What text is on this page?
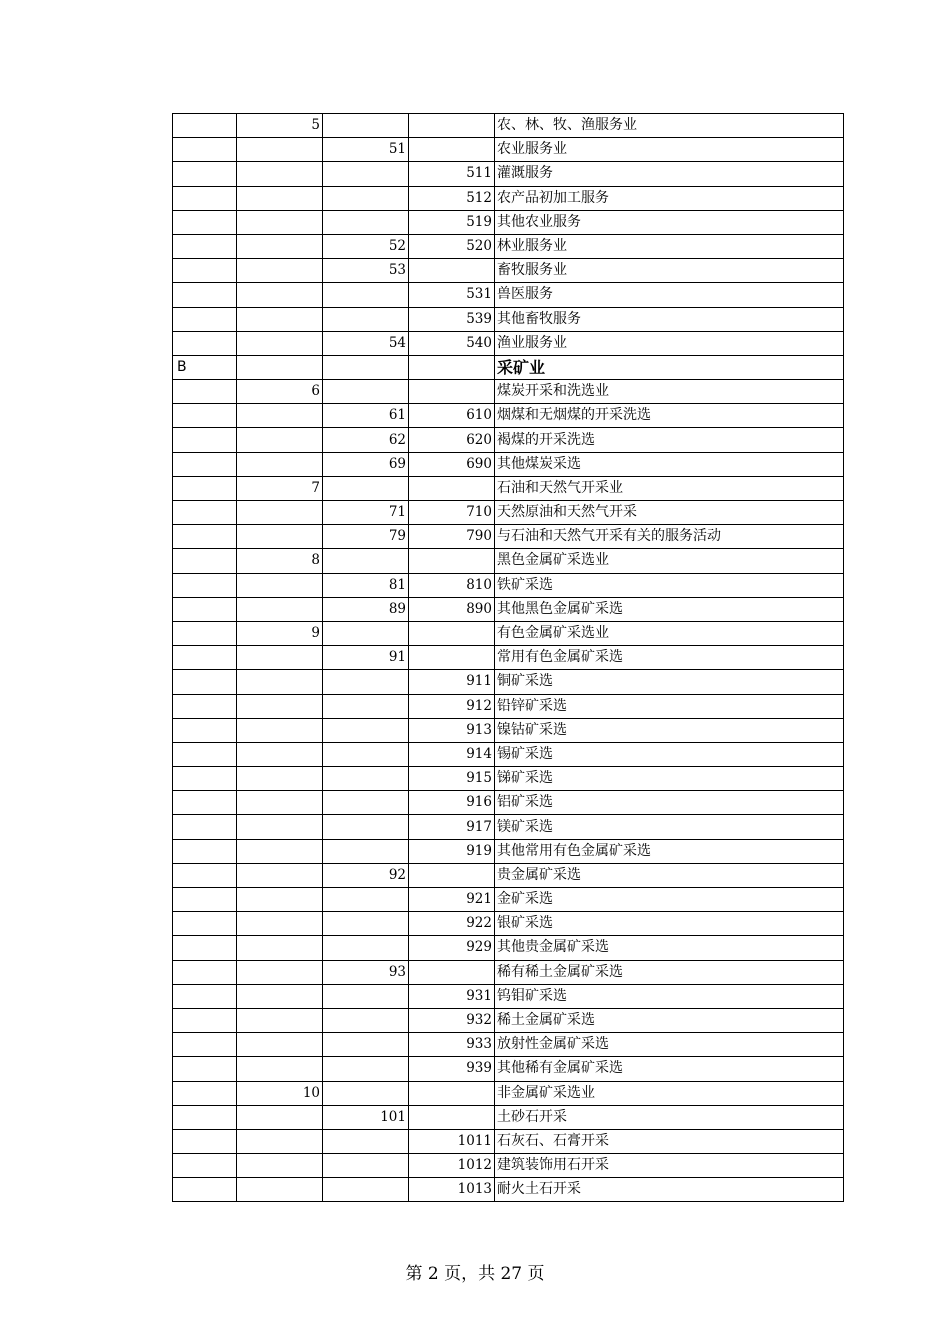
	5			农、林、牧、渔服务业
		51		农业服务业
			511	灌溉服务
			512	农产品初加工服务
			519	其他农业服务
		52	520	林业服务业
		53		畜牧服务业
			531	兽医服务
			539	其他畜牧服务
		54	540	渔业服务业
B				采矿业
	6			煤炭开采和洗选业
		61	610	烟煤和无烟煤的开采洗选
		62	620	褐煤的开采洗选
		69	690	其他煤炭采选
	7			石油和天然气开采业
		71	710	天然原油和天然气开采
		79	790	与石油和天然气开采有关的服务活动
	8			黑色金属矿采选业
		81	810	铁矿采选
		89	890	其他黑色金属矿采选
	9			有色金属矿采选业
		91		常用有色金属矿采选
			911	铜矿采选
			912	铅锌矿采选
			913	镍钴矿采选
			914	锡矿采选
			915	锑矿采选
			916	铝矿采选
			917	镁矿采选
			919	其他常用有色金属矿采选
		92		贵金属矿采选
			921	金矿采选
			922	银矿采选
			929	其他贵金属矿采选
		93		稀有稀土金属矿采选
			931	钨钼矿采选
			932	稀土金属矿采选
			933	放射性金属矿采选
			939	其他稀有金属矿采选
	10			非金属矿采选业
		101		土砂石开采
			1011	石灰石、石膏开采
			1012	建筑装饰用石开采
			1013	耐火土石开采
第 2 页，共 27 页
